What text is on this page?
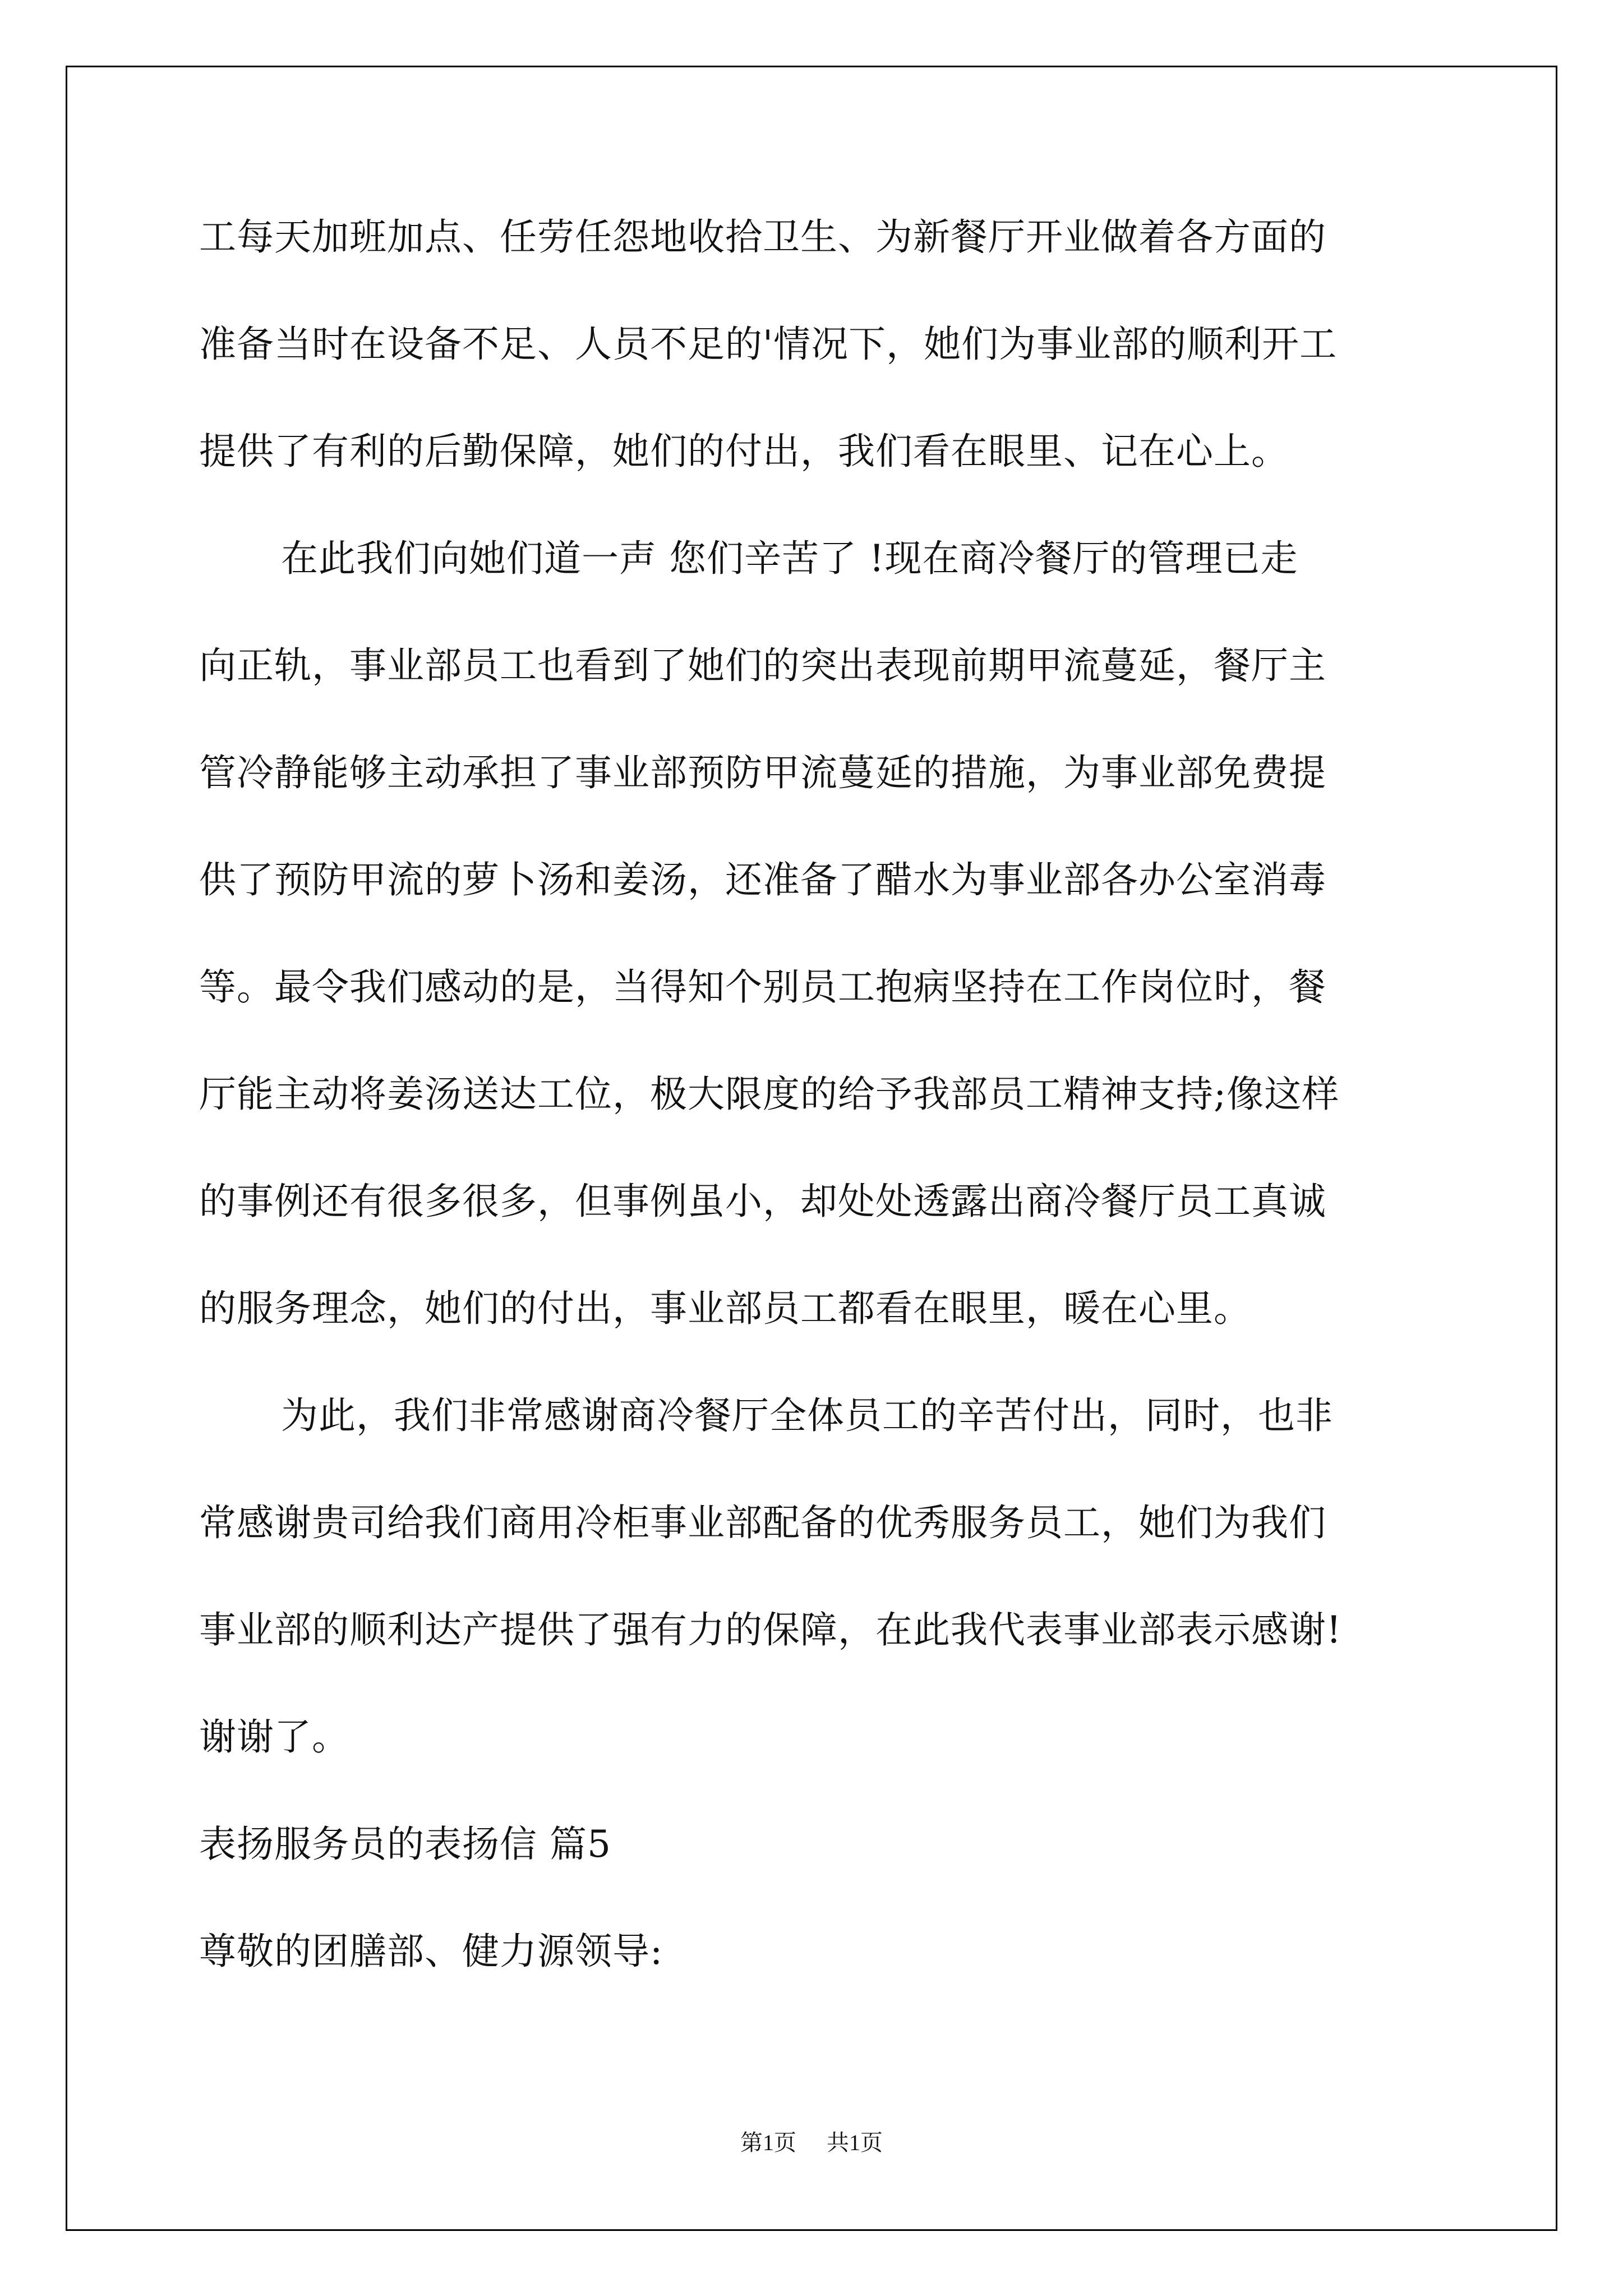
工每天加班加点、任劳任怨地收拾卫生、为新餐厅开业做着各方面的
准备当时在设备不足、人员不足的'情况下，她们为事业部的顺利开工
提供了有利的后勤保障，她们的付出，我们看在眼里、记在心上。
在此我们向她们道一声 您们辛苦了 !现在商冷餐厅的管理已走
向正轨，事业部员工也看到了她们的突出表现前期甲流蔓延，餐厅主
管冷静能够主动承担了事业部预防甲流蔓延的措施，为事业部免费提
供了预防甲流的萝卜汤和姜汤，还准备了醋水为事业部各办公室消毒
等。最令我们感动的是，当得知个别员工抱病坚持在工作岗位时，餐
厅能主动将姜汤送达工位，极大限度的给予我部员工精神支持;像这样
的事例还有很多很多，但事例虽小，却处处透露出商冷餐厅员工真诚
的服务理念，她们的付出，事业部员工都看在眼里，暖在心里。
为此，我们非常感谢商冷餐厅全体员工的辛苦付出，同时，也非
常感谢贵司给我们商用冷柜事业部配备的优秀服务员工，她们为我们
事业部的顺利达产提供了强有力的保障，在此我代表事业部表示感谢!
谢谢了。
表扬服务员的表扬信 篇5
尊敬的团膳部、健力源领导:
第1页 共1页
